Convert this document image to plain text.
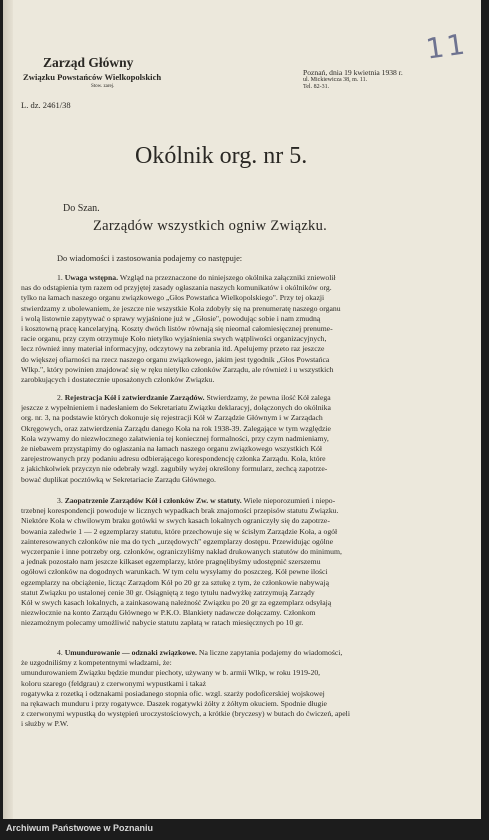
11
Zarząd Główny
Związku Powstańców Wielkopolskich
Stow. zarej.
L. dz. 2461/38
Poznań, dnia 19 kwietnia 1938 r.
ul. Mickiewicza 38, m. 11.
Tel. 82-31.
Okólnik org. nr 5.
Do Szan.
Zarządów wszystkich ogniw Związku.
Do wiadomości i zastosowania podajemy co następuje:
1. Uwaga wstępna. Wzgląd na przeznaczone do niniejszego okólnika załączniki zniewolił
nas do odstąpienia tym razem od przyjętej zasady ogłaszania naszych komunikatów i okólników org.
tylko na łamach naszego organu związkowego „Głos Powstańca Wielkopolskiego". Przy tej okazji
stwierdzamy z ubolewaniem, że jeszcze nie wszystkie Koła zdobyły się na prenumeratę naszego organu
i wolą listownie zapytywać o sprawy wyjaśnione już w „Głosie", powodując sobie i nam zmudną
i kosztowną pracę kancelaryjną. Koszty dwóch listów równają się nieomal całomiesięcznej prenume-
racie organu, przy czym otrzymuje Koło nietylko wyjaśnienia swych wątpliwości organizacyjnych,
lecz również inny materiał informacyjny, odczytowy na zebrania itd. Apelujemy przeto raz jeszcze
do większej ofiarności na rzecz naszego organu związkowego, jakim jest tygodnik „Głos Powstańca
Wlkp.", który powinien znajdować się w ręku nietylko członków Zarządu, ale również i u wszystkich
zarobkujących i dostatecznie uposażonych członków Związku.
2. Rejestracja Kół i zatwierdzanie Zarządów. Stwierdzamy, że pewna ilość Kół zalega
jeszcze z wypełnieniem i nadesłaniem do Sekretariatu Związku deklaracyj, dołączonych do okólnika
org. nr. 3, na podstawie których dokonuje się rejestracji Kół w Zarządzie Głównym i w Zarządach
Okręgowych, oraz zatwierdzenia Zarządu danego Koła na rok 1938-39. Zalegające w tym względzie
Koła wzywamy do niezwłocznego załatwienia tej koniecznej formalności, przy czym nadmieniamy,
że niebawem przystąpimy do ogłaszania na łamach naszego organu związkowego wszystkich Kół
zarejestrowanych przy podaniu adresu odbierającego korespondencję członka Zarządu. Koła, które
z jakichkolwiek przyczyn nie odebrały wzgl. zagubiły wyżej określony formularz, zechcą zapotrze-
bować duplikat pocztówką w Sekretariacie Zarządu Głównego.
3. Zaopatrzenie Zarządów Kół i członków Zw. w statuty. Wiele nieporozumień i niepo-
trzebnej korespondencji powoduje w licznych wypadkach brak znajomości przepisów statutu Związku.
Niektóre Koła w chwilowym braku gotówki w swych kasach lokalnych ograniczyły się do zapotrze-
bowania zaledwie 1 — 2 egzemplarzy statutu, które przechowuje się w ścisłym Zarządzie Koła, a ogół
zainteresowanych członków nie ma do tych „urzędowych" egzemplarzy dostępu. Przewidując ogólne
wyczerpanie i inne potrzeby org. członków, ograniczyliśmy nakład drukowanych statutów do minimum,
a jednak pozostało nam jeszcze kilkaset egzemplarzy, które pragnęlibyśmy udostępnić szerszemu
ogółowi członków na dogodnych warunkach. W tym celu wysyłamy do poszczeg. Kół pewne ilości
egzemplarzy na obciążenie, licząc Zarządom Kół po 20 gr za sztukę z tym, że członkowie nabywają
statut Związku po ustalonej cenie 30 gr. Osiągniętą z tego tytułu nadwyżkę zatrzymują Zarządy
Kół w swych kasach lokalnych, a zainkasowaną należność Związku po 20 gr za egzemplarz odsyłają
niezwłocznie na konto Zarządu Głównego w P.K.O. Blankiety nadawcze dołączamy. Członkom
niezamożnym polecamy umożliwić nabycie statutu zapłatą w ratach miesięcznych po 10 gr.
4. Umundurowanie — odznaki związkowe. Na liczne zapytania podajemy do wiadomości,
że uzgodniliśmy z kompetentnymi władzami, że:
umundurowaniem Związku będzie mundur piechoty, używany w b. armii Wlkp, w roku 1919-20,
koloru szarego (feldgrau) z czerwonymi wypustkami i takaż
rogatywka z rozetką i odznakami posiadanego stopnia ofic. wzgl. szarży podoficerskiej wojskowej
na rękawach munduru i przy rogatywce. Daszek rogatywki żółty z żółtym okuciem. Spodnie długie
z czerwonymi wypustką do występień uroczystościowych, a krótkie (bryczesy) w butach do ćwiczeń, apeli
i służby w P.W.
Archiwum Państwowe w Poznaniu
